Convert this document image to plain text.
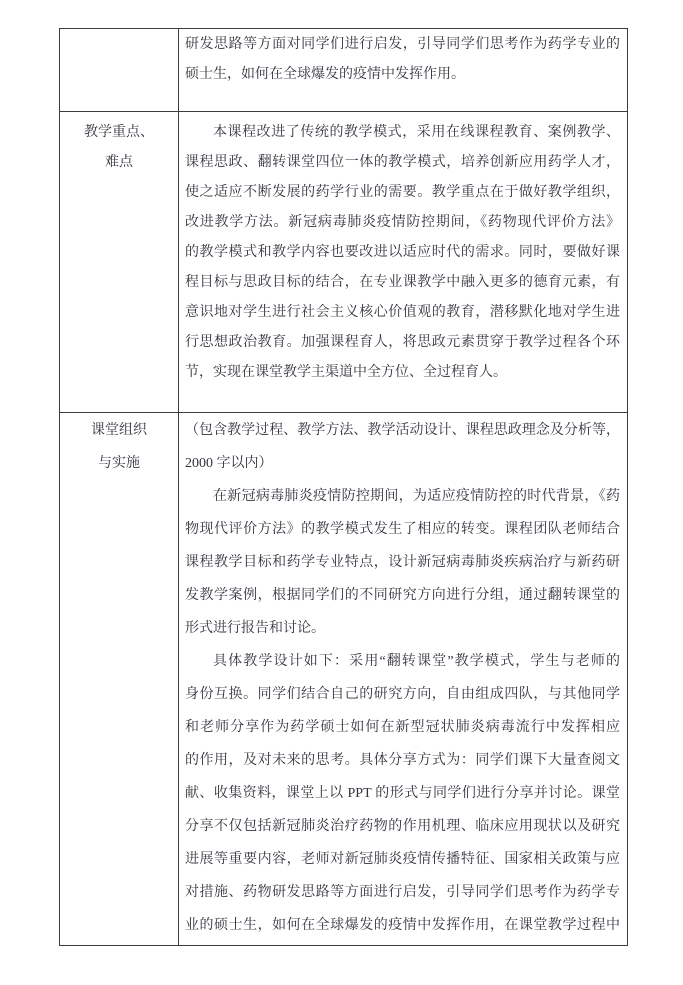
研发思路等方面对同学们进行启发，引导同学们思考作为药学专业的
硕士生，如何在全球爆发的疫情中发挥作用。
教学重点、
难点
本课程改进了传统的教学模式，采用在线课程教育、案例教学、
课程思政、翻转课堂四位一体的教学模式，培养创新应用药学人才，
使之适应不断发展的药学行业的需要。教学重点在于做好教学组织，
改进教学方法。新冠病毒肺炎疫情防控期间，《药物现代评价方法》
的教学模式和教学内容也要改进以适应时代的需求。同时，要做好课
程目标与思政目标的结合，在专业课教学中融入更多的德育元素，有
意识地对学生进行社会主义核心价值观的教育，潜移默化地对学生进
行思想政治教育。加强课程育人，将思政元素贯穿于教学过程各个环
节，实现在课堂教学主渠道中全方位、全过程育人。
课堂组织
与实施
（包含教学过程、教学方法、教学活动设计、课程思政理念及分析等，
2000 字以内）
在新冠病毒肺炎疫情防控期间，为适应疫情防控的时代背景，《药
物现代评价方法》的教学模式发生了相应的转变。课程团队老师结合
课程教学目标和药学专业特点，设计新冠病毒肺炎疾病治疗与新药研
发教学案例，根据同学们的不同研究方向进行分组，通过翻转课堂的
形式进行报告和讨论。
具体教学设计如下：采用“翻转课堂”教学模式，学生与老师的
身份互换。同学们结合自己的研究方向，自由组成四队，与其他同学
和老师分享作为药学硕士如何在新型冠状肺炎病毒流行中发挥相应
的作用，及对未来的思考。具体分享方式为：同学们课下大量查阅文
献、收集资料，课堂上以 PPT 的形式与同学们进行分享并讨论。课堂
分享不仅包括新冠肺炎治疗药物的作用机理、临床应用现状以及研究
进展等重要内容，老师对新冠肺炎疫情传播特征、国家相关政策与应
对措施、药物研发思路等方面进行启发，引导同学们思考作为药学专
业的硕士生，如何在全球爆发的疫情中发挥作用，在课堂教学过程中
